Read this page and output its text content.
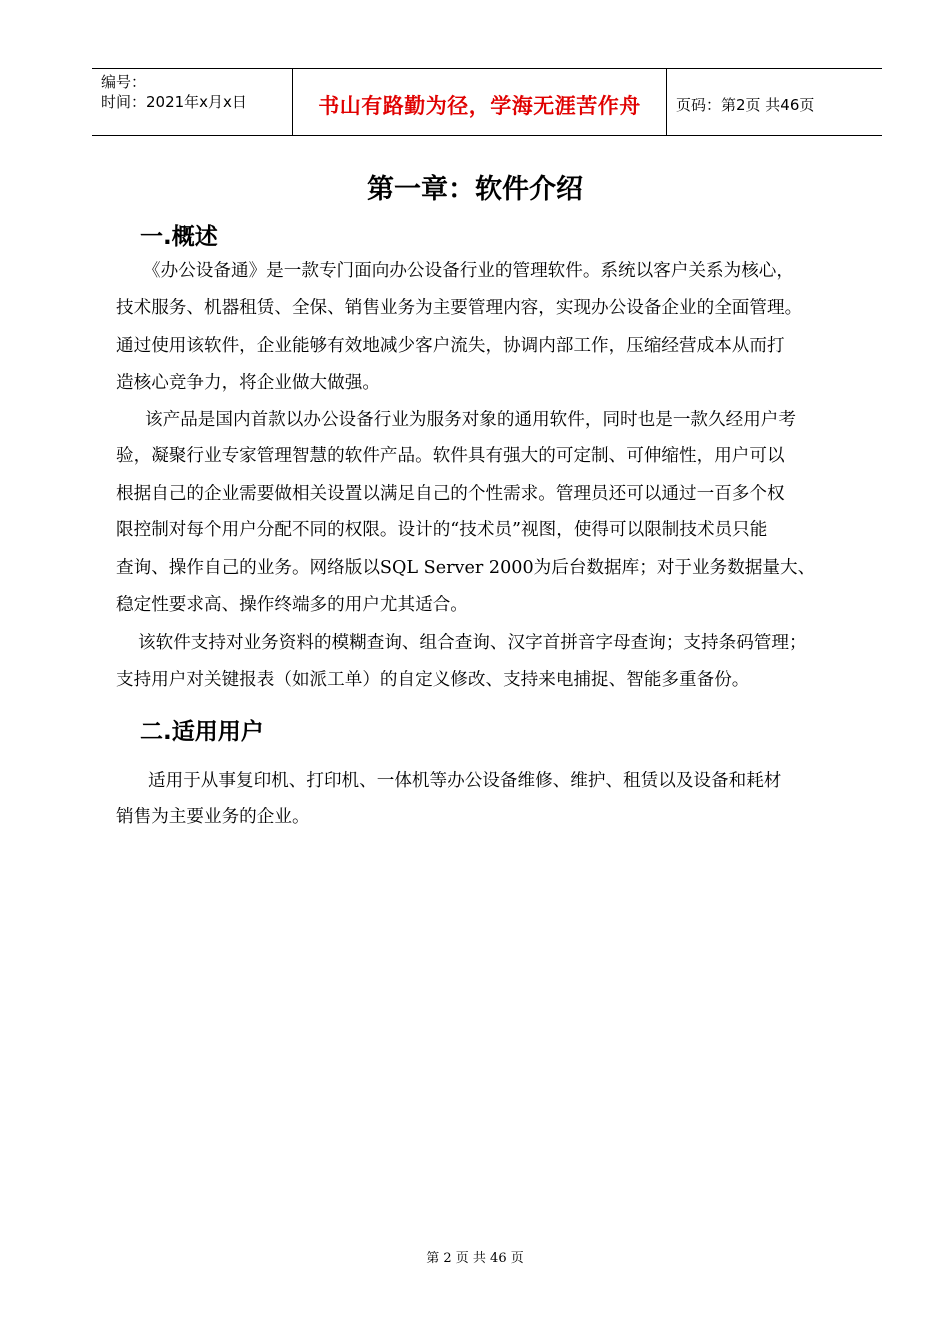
编号：
时间：2021年x月x日	书山有路勤为径，学海无涯苦作舟	页码：第2页 共46页
第一章：软件介绍
一.概述
《办公设备通》是一款专门面向办公设备行业的管理软件。系统以客户关系为核心，
技术服务、机器租赁、全保、销售业务为主要管理内容，实现办公设备企业的全面管理。
通过使用该软件，企业能够有效地减少客户流失，协调内部工作，压缩经营成本从而打
造核心竞争力，将企业做大做强。
该产品是国内首款以办公设备行业为服务对象的通用软件，同时也是一款久经用户考
验，凝聚行业专家管理智慧的软件产品。软件具有强大的可定制、可伸缩性，用户可以
根据自己的企业需要做相关设置以满足自己的个性需求。管理员还可以通过一百多个权
限控制对每个用户分配不同的权限。设计的“技术员”视图，使得可以限制技术员只能
查询、操作自己的业务。网络版以SQL Server 2000为后台数据库；对于业务数据量大、
稳定性要求高、操作终端多的用户尤其适合。
该软件支持对业务资料的模糊查询、组合查询、汉字首拼音字母查询；支持条码管理；
支持用户对关键报表（如派工单）的自定义修改、支持来电捕捉、智能多重备份。
二.适用用户
适用于从事复印机、打印机、一体机等办公设备维修、维护、租赁以及设备和耗材
销售为主要业务的企业。
第 2 页 共 46 页
